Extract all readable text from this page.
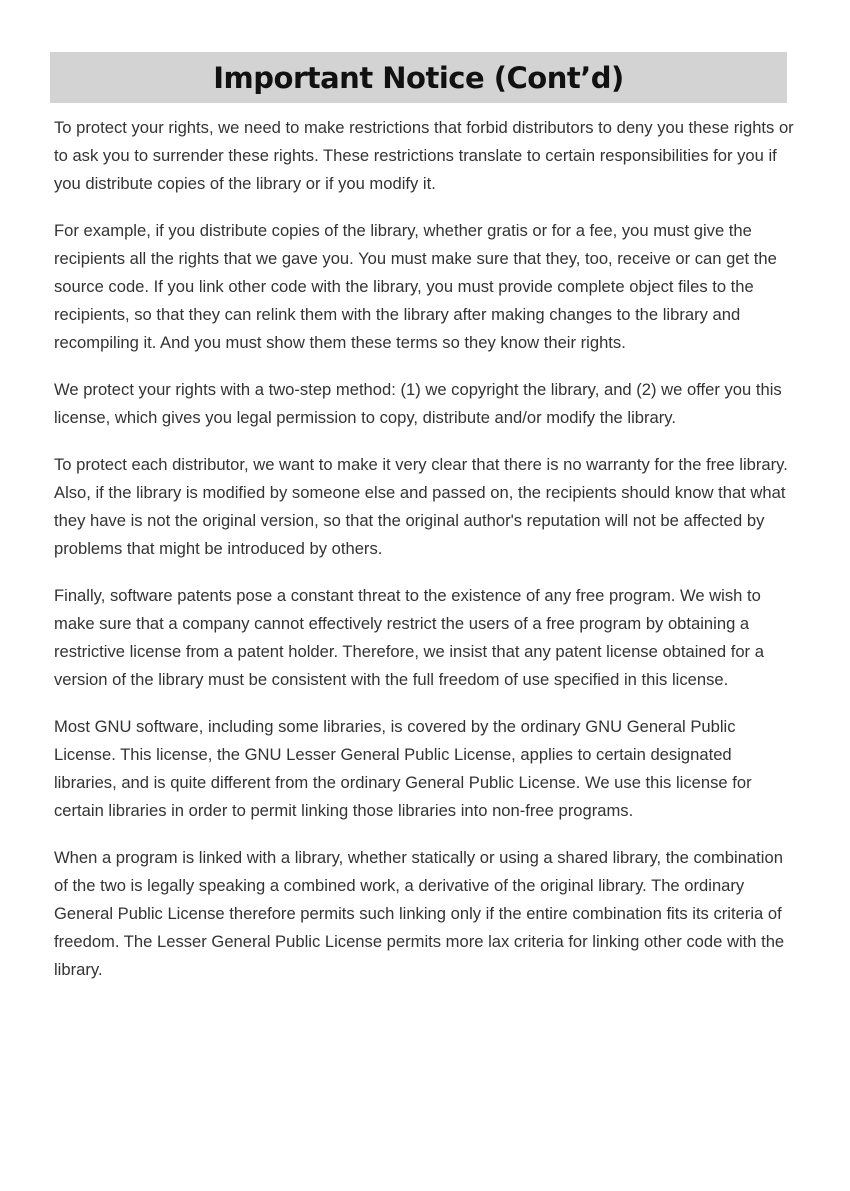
Important Notice (Cont’d)

To protect your rights, we need to make restrictions that forbid distributors to deny you these rights or to ask you to surrender these rights. These restrictions translate to certain responsibilities for you if you distribute copies of the library or if you modify it.

For example, if you distribute copies of the library, whether gratis or for a fee, you must give the recipients all the rights that we gave you. You must make sure that they, too, receive or can get the source code. If you link other code with the library, you must provide complete object files to the recipients, so that they can relink them with the library after making changes to the library and recompiling it. And you must show them these terms so they know their rights.

We protect your rights with a two-step method: (1) we copyright the library, and (2) we offer you this license, which gives you legal permission to copy, distribute and/or modify the library.

To protect each distributor, we want to make it very clear that there is no warranty for the free library. Also, if the library is modified by someone else and passed on, the recipients should know that what they have is not the original version, so that the original author's reputation will not be affected by problems that might be introduced by others.

Finally, software patents pose a constant threat to the existence of any free program. We wish to make sure that a company cannot effectively restrict the users of a free program by obtaining a restrictive license from a patent holder. Therefore, we insist that any patent license obtained for a version of the library must be consistent with the full freedom of use specified in this license.

Most GNU software, including some libraries, is covered by the ordinary GNU General Public License. This license, the GNU Lesser General Public License, applies to certain designated libraries, and is quite different from the ordinary General Public License. We use this license for certain libraries in order to permit linking those libraries into non-free programs.

When a program is linked with a library, whether statically or using a shared library, the combination of the two is legally speaking a combined work, a derivative of the original library. The ordinary General Public License therefore permits such linking only if the entire combination fits its criteria of freedom. The Lesser General Public License permits more lax criteria for linking other code with the library.
